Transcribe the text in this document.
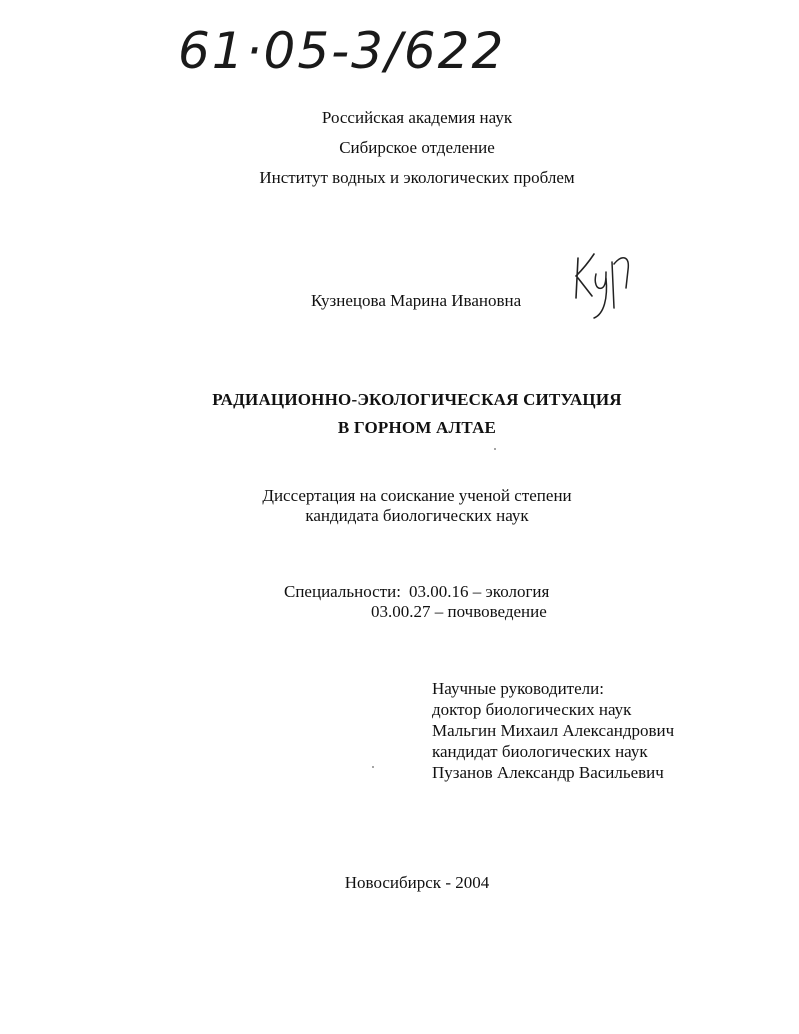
61·05-3/622
Российская академия наук
Сибирское отделение
Институт водных и экологических проблем
Кузнецова Марина Ивановна
РАДИАЦИОННО-ЭКОЛОГИЧЕСКАЯ СИТУАЦИЯ
В ГОРНОМ АЛТАЕ
Диссертация на соискание ученой степени
кандидата биологических наук
Специальности: 03.00.16 – экология
03.00.27 – почвоведение
Научные руководители:
доктор биологических наук
Мальгин Михаил Александрович
кандидат биологических наук
Пузанов Александр Васильевич
Новосибирск - 2004
